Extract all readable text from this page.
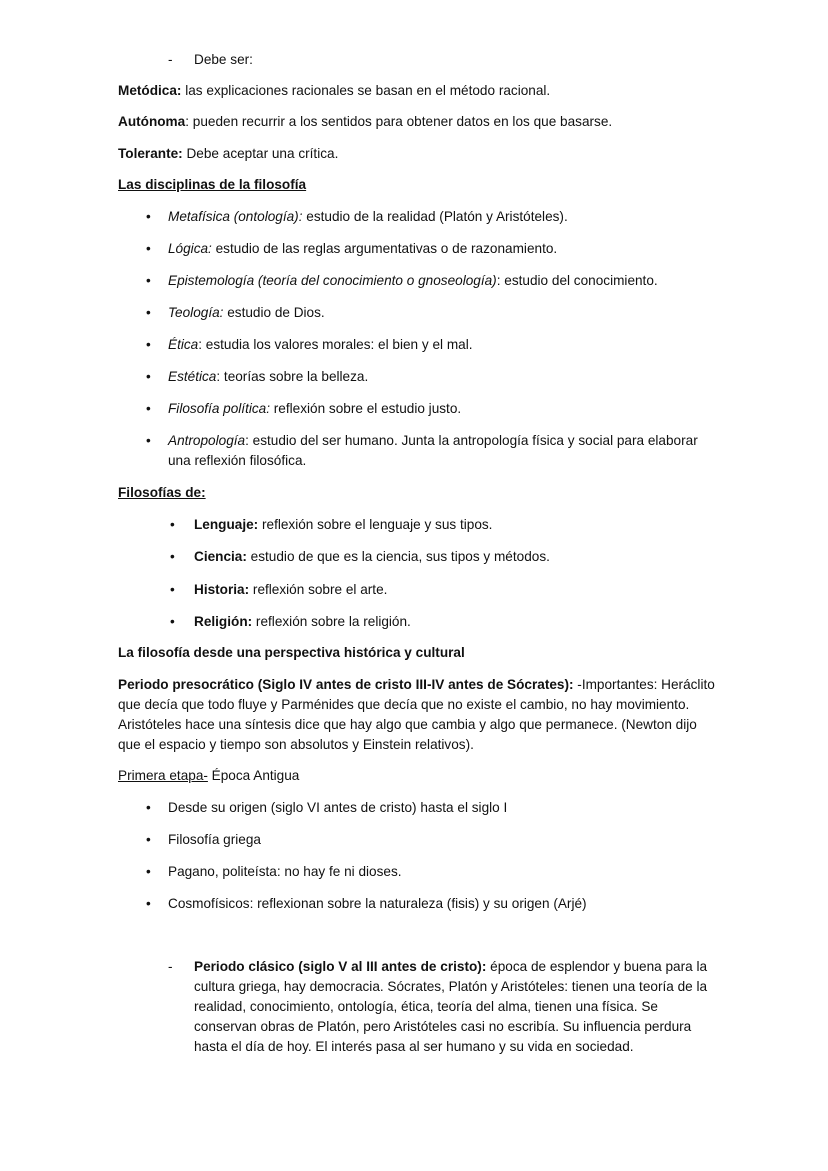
- Debe ser:
Metódica: las explicaciones racionales se basan en el método racional.
Autónoma: pueden recurrir a los sentidos para obtener datos en los que basarse.
Tolerante: Debe aceptar una crítica.
Las disciplinas de la filosofía
• Metafísica (ontología): estudio de la realidad (Platón y Aristóteles).
• Lógica: estudio de las reglas argumentativas o de razonamiento.
• Epistemología (teoría del conocimiento o gnoseología): estudio del conocimiento.
• Teología: estudio de Dios.
• Ética: estudia los valores morales: el bien y el mal.
• Estética: teorías sobre la belleza.
• Filosofía política: reflexión sobre el estudio justo.
• Antropología: estudio del ser humano. Junta la antropología física y social para elaborar una reflexión filosófica.
Filosofías de:
• Lenguaje: reflexión sobre el lenguaje y sus tipos.
• Ciencia: estudio de que es la ciencia, sus tipos y métodos.
• Historia: reflexión sobre el arte.
• Religión: reflexión sobre la religión.
La filosofía desde una perspectiva histórica y cultural
Periodo presocrático (Siglo IV antes de cristo III-IV antes de Sócrates): -Importantes: Heráclito que decía que todo fluye y Parménides que decía que no existe el cambio, no hay movimiento. Aristóteles hace una síntesis dice que hay algo que cambia y algo que permanece. (Newton dijo que el espacio y tiempo son absolutos y Einstein relativos).
Primera etapa- Época Antigua
• Desde su origen (siglo VI antes de cristo) hasta el siglo I
• Filosofía griega
• Pagano, politeísta: no hay fe ni dioses.
• Cosmofísicos: reflexionan sobre la naturaleza (fisis) y su origen (Arjé)
- Periodo clásico (siglo V al III antes de cristo): época de esplendor y buena para la cultura griega, hay democracia. Sócrates, Platón y Aristóteles: tienen una teoría de la realidad, conocimiento, ontología, ética, teoría del alma, tienen una física. Se conservan obras de Platón, pero Aristóteles casi no escribía. Su influencia perdura hasta el día de hoy. El interés pasa al ser humano y su vida en sociedad.
